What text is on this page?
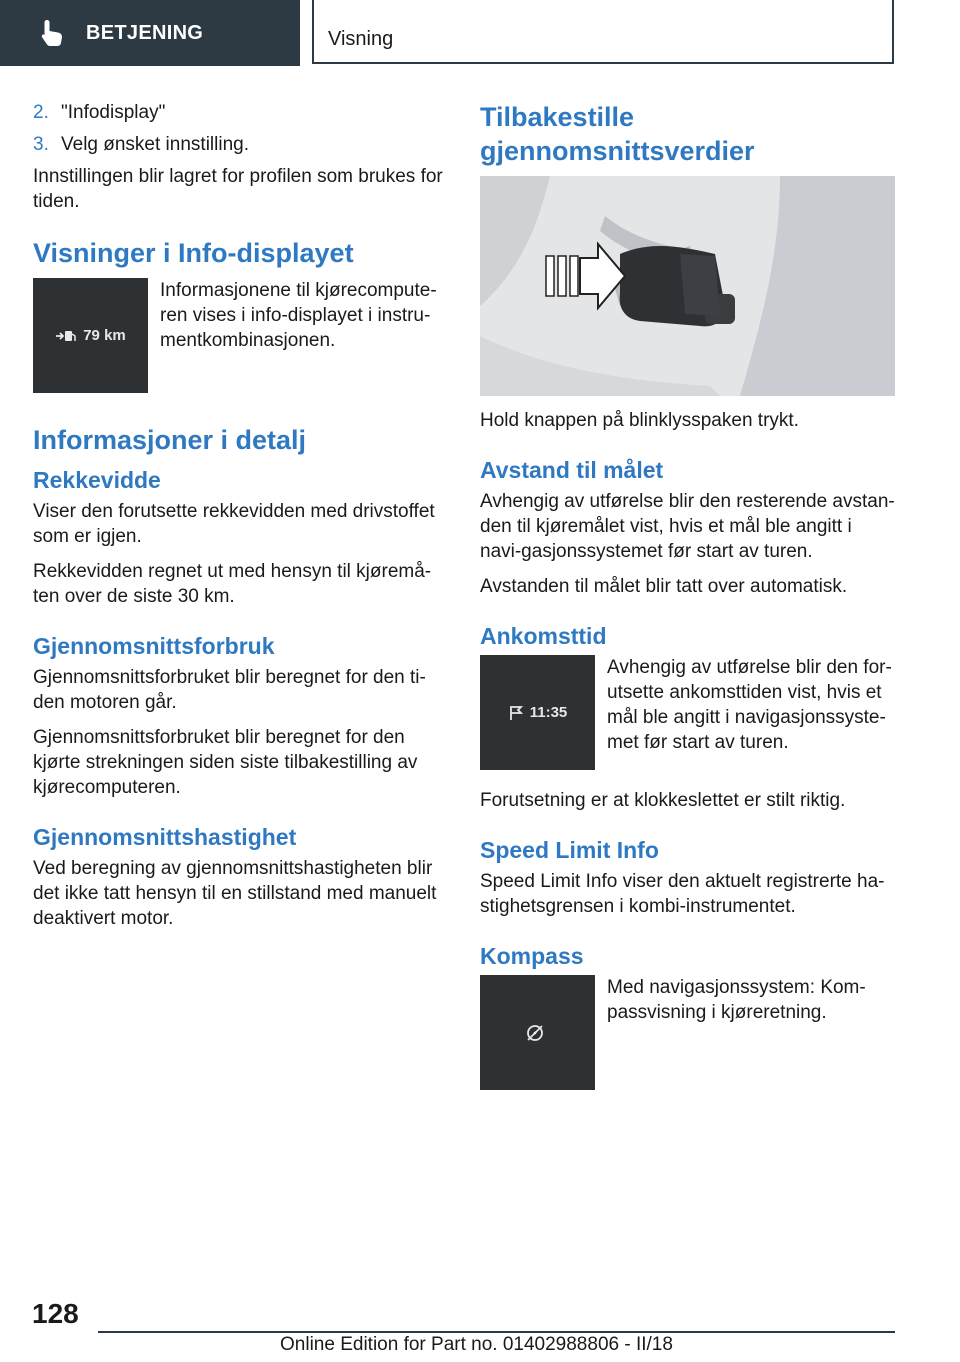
BETJENING	Visning
2. "Infodisplay"
3. Velg ønsket innstilling.

Innstillingen blir lagret for profilen som brukes for tiden.

Visninger i Info-displayet
79 km
Informasjonene til kjørecompute-ren vises i info-displayet i instru-mentkombinasjonen.
Informasjoner i detalj
Rekkevidde

Viser den forutsette rekkevidden med drivstoffet som er igjen.

Rekkevidden regnet ut med hensyn til kjøremå-ten over de siste 30 km.

Gjennomsnittsforbruk

Gjennomsnittsforbruket blir beregnet for den ti-den motoren går.

Gjennomsnittsforbruket blir beregnet for den kjørte strekningen siden siste tilbakestilling av kjørecomputeren.

Gjennomsnittshastighet

Ved beregning av gjennomsnittshastigheten blir det ikke tatt hensyn til en stillstand med manuelt deaktivert motor.

Tilbakestille gjennomsnittsverdier

Hold knappen på blinklysspaken trykt.

Avstand til målet

Avhengig av utførelse blir den resterende avstan-den til kjøremålet vist, hvis et mål ble angitt i navi-gasjonssystemet før start av turen.

Avstanden til målet blir tatt over automatisk.

Ankomsttid
11:35
Avhengig av utførelse blir den for-utsette ankomsttiden vist, hvis et mål ble angitt i navigasjonssyste-met før start av turen.

Forutsetning er at klokkeslettet er stilt riktig.

Speed Limit Info

Speed Limit Info viser den aktuelt registrerte ha-stighetsgrensen i kombi-instrumentet.

Kompass
Med navigasjonssystem: Kom-passvisning i kjøreretning.
128
Online Edition for Part no. 01402988806 - II/18
